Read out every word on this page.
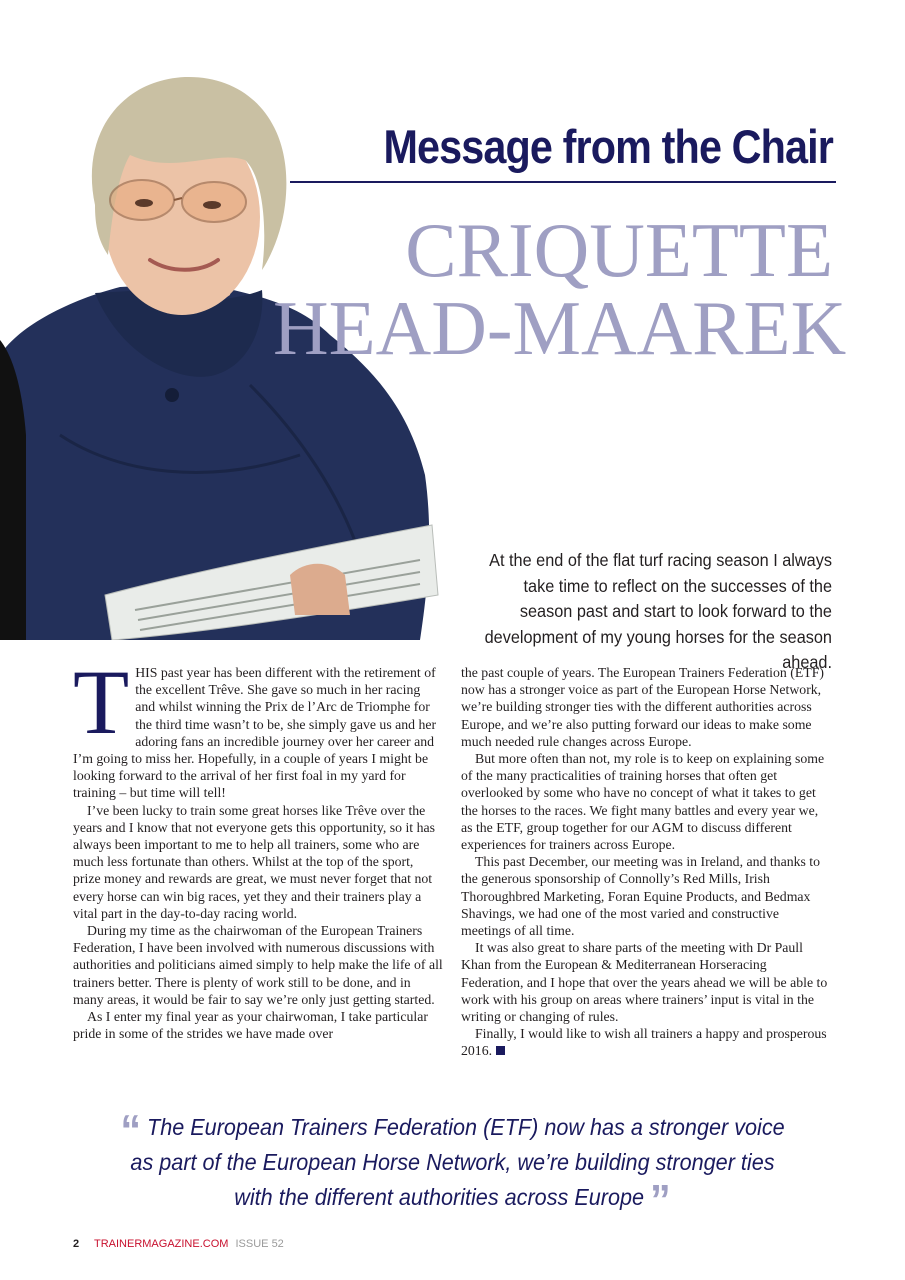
Message from the Chair
CRIQUETTE
HEAD-MAAREK
At the end of the flat turf racing season I always take time to reflect on the successes of the season past and start to look forward to the development of my young horses for the season ahead.

THIS past year has been different with the retirement of the excellent Trêve. She gave so much in her racing and whilst winning the Prix de l’Arc de Triomphe for the third time wasn’t to be, she simply gave us and her adoring fans an incredible journey over her career and I’m going to miss her. Hopefully, in a couple of years I might be looking forward to the arrival of her first foal in my yard for training – but time will tell!

I’ve been lucky to train some great horses like Trêve over the years and I know that not everyone gets this opportunity, so it has always been important to me to help all trainers, some who are much less fortunate than others. Whilst at the top of the sport, prize money and rewards are great, we must never forget that not every horse can win big races, yet they and their trainers play a vital part in the day-to-day racing world.

During my time as the chairwoman of the European Trainers Federation, I have been involved with numerous discussions with authorities and politicians aimed simply to help make the life of all trainers better. There is plenty of work still to be done, and in many areas, it would be fair to say we’re only just getting started.

As I enter my final year as your chairwoman, I take particular pride in some of the strides we have made over

the past couple of years. The European Trainers Federation (ETF) now has a stronger voice as part of the European Horse Network, we’re building stronger ties with the different authorities across Europe, and we’re also putting forward our ideas to make some much needed rule changes across Europe.

But more often than not, my role is to keep on explaining some of the many practicalities of training horses that often get overlooked by some who have no concept of what it takes to get the horses to the races. We fight many battles and every year we, as the ETF, group together for our AGM to discuss different experiences for trainers across Europe.

This past December, our meeting was in Ireland, and thanks to the generous sponsorship of Connolly’s Red Mills, Irish Thoroughbred Marketing, Foran Equine Products, and Bedmax Shavings, we had one of the most varied and constructive meetings of all time.

It was also great to share parts of the meeting with Dr Paull Khan from the European & Mediterranean Horseracing Federation, and I hope that over the years ahead we will be able to work with his group on areas where trainers’ input is vital in the writing or changing of rules.

Finally, I would like to wish all trainers a happy and prosperous 2016.

“ The European Trainers Federation (ETF) now has a stronger voice as part of the European Horse Network, we’re building stronger ties with the different authorities across Europe ”
2 TRAINERMAGAZINE.COM ISSUE 52
